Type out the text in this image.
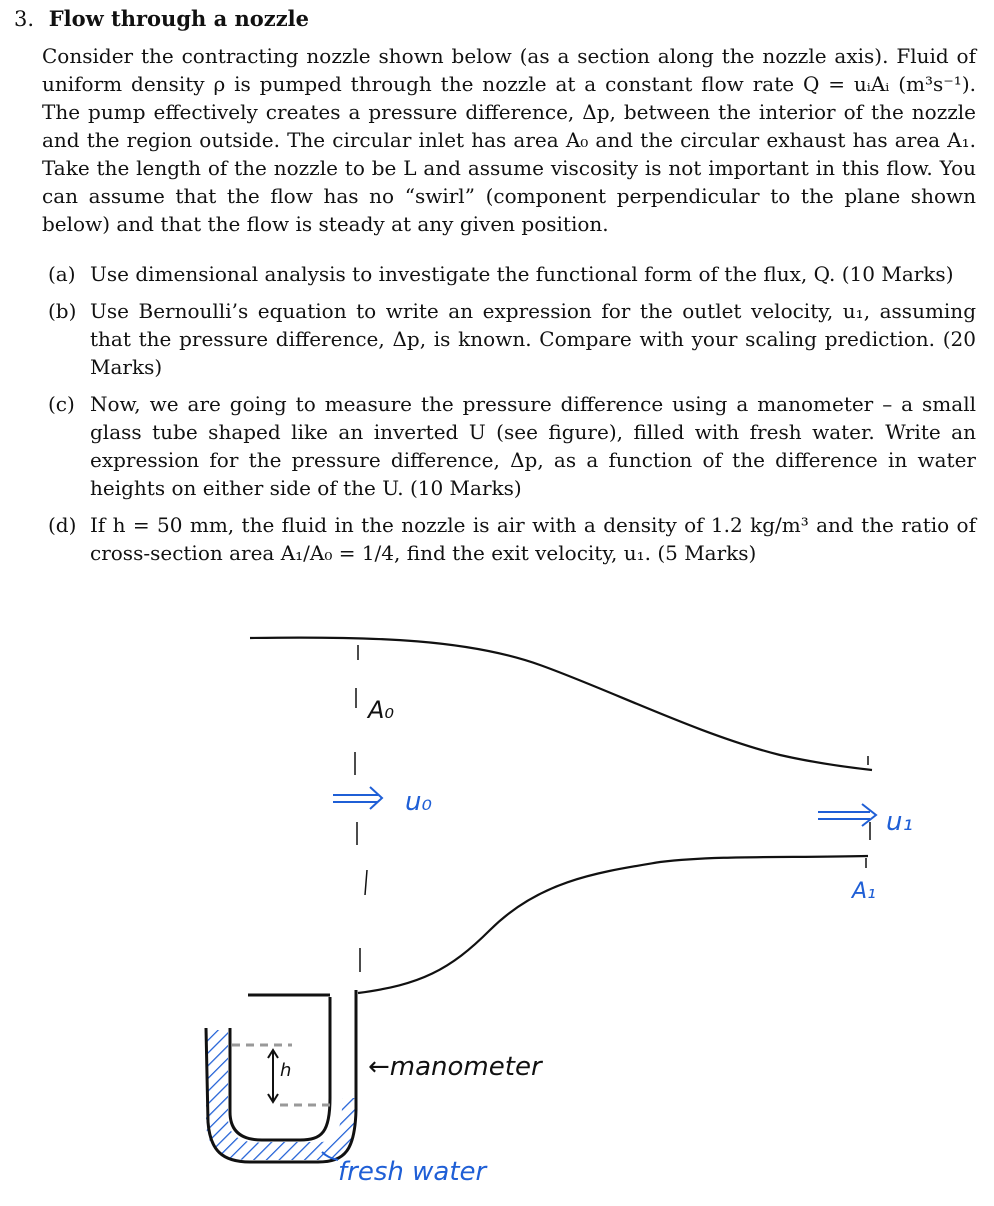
3. Flow through a nozzle
Consider the contracting nozzle shown below (as a section along the nozzle axis). Fluid of uniform density ρ is pumped through the nozzle at a constant flow rate Q = uᵢAᵢ (m³s⁻¹). The pump effectively creates a pressure difference, Δp, between the interior of the nozzle and the region outside. The circular inlet has area A₀ and the circular exhaust has area A₁. Take the length of the nozzle to be L and assume viscosity is not important in this flow. You can assume that the flow has no “swirl” (component perpendicular to the plane shown below) and that the flow is steady at any given position.
(a) Use dimensional analysis to investigate the functional form of the flux, Q. (10 Marks)
(b) Use Bernoulli’s equation to write an expression for the outlet velocity, u₁, assuming that the pressure difference, Δp, is known. Compare with your scaling prediction. (20 Marks)
(c) Now, we are going to measure the pressure difference using a manometer – a small glass tube shaped like an inverted U (see figure), filled with fresh water. Write an expression for the pressure difference, Δp, as a function of the difference in water heights on either side of the U. (10 Marks)
(d) If h = 50 mm, the fluid in the nozzle is air with a density of 1.2 kg/m³ and the ratio of cross-section area A₁/A₀ = 1/4, find the exit velocity, u₁. (5 Marks)
A₀
u₀
u₁
A₁
h	←manometer
fresh water
